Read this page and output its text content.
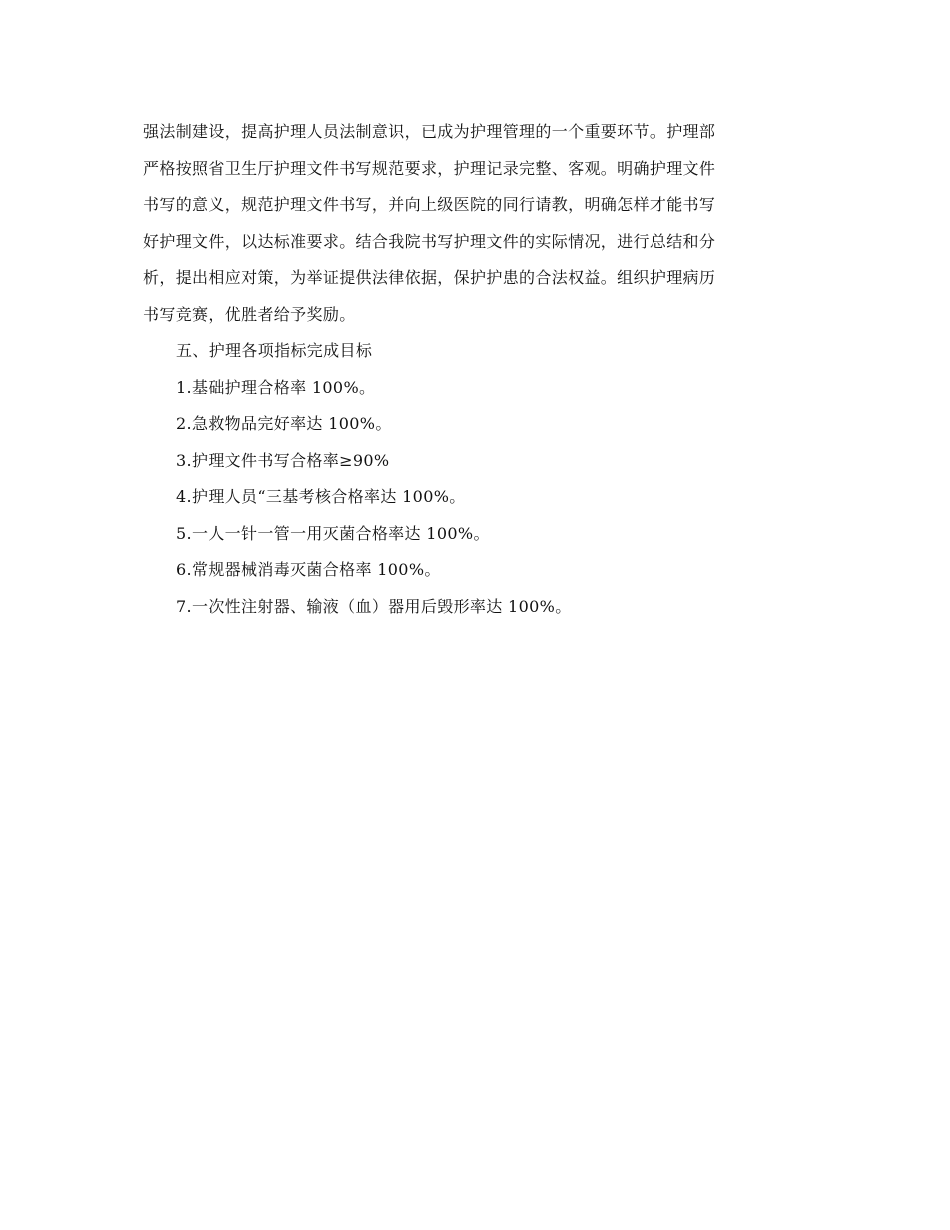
强法制建设，提高护理人员法制意识，已成为护理管理的一个重要环节。护理部
严格按照省卫生厅护理文件书写规范要求，护理记录完整、客观。明确护理文件
书写的意义，规范护理文件书写，并向上级医院的同行请教，明确怎样才能书写
好护理文件，以达标准要求。结合我院书写护理文件的实际情况，进行总结和分
析，提出相应对策，为举证提供法律依据，保护护患的合法权益。组织护理病历
书写竞赛，优胜者给予奖励。
五、护理各项指标完成目标
1.基础护理合格率 100%。
2.急救物品完好率达 100%。
3.护理文件书写合格率≥90%
4.护理人员“三基考核合格率达 100%。
5.一人一针一管一用灭菌合格率达 100%。
6.常规器械消毒灭菌合格率 100%。
7.一次性注射器、输液（血）器用后毁形率达 100%。
